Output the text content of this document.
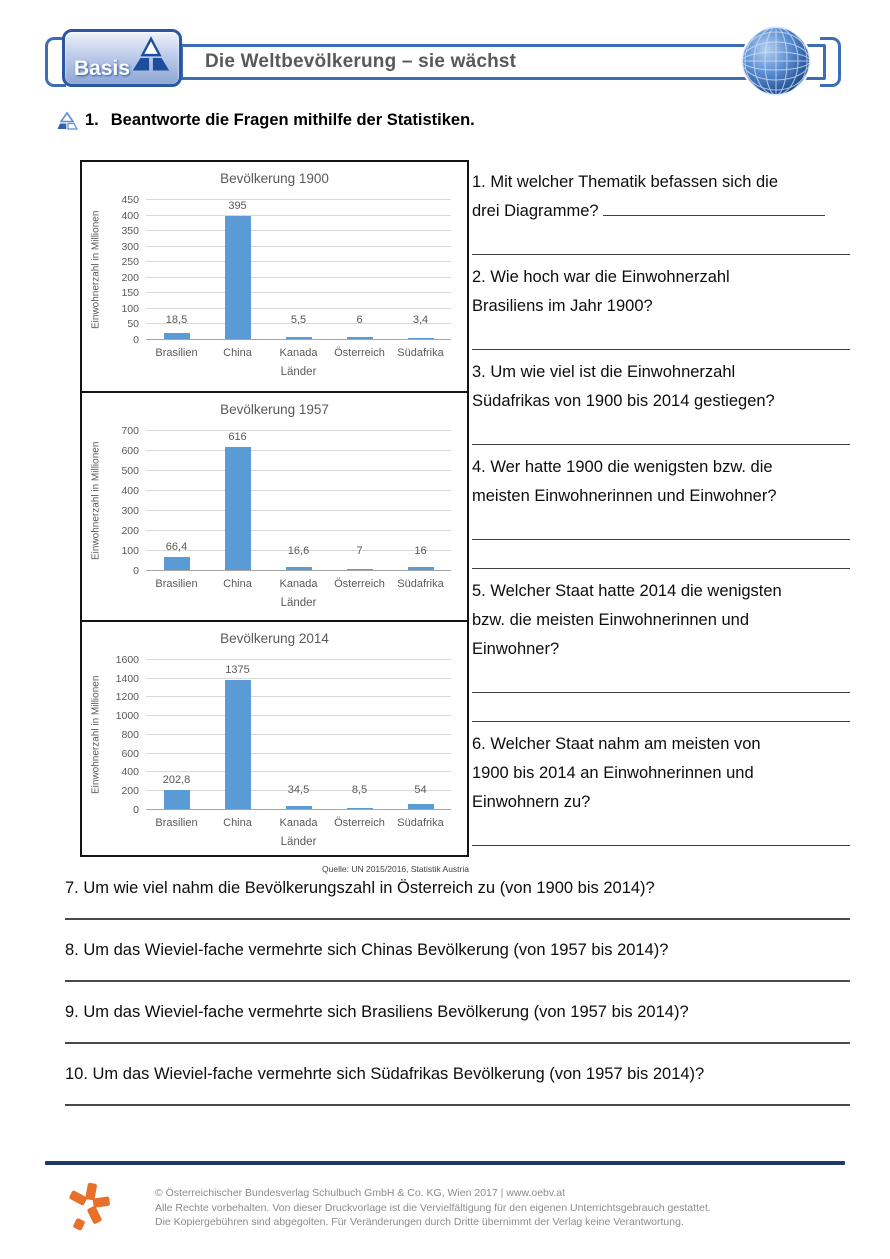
Die Weltbevölkerung – sie wächst
Basis
1. Beantworte die Fragen mithilfe der Statistiken.
Bevölkerung 1900
Einwohnerzahl in Millionen
0
50
100
150
200
250
300
350
400
450
18,5
395
5,5	6	3,4
Brasilien	China	Kanada	Österreich	Südafrika
Länder
Bevölkerung 1957
Einwohnerzahl in Millionen
0
100
200
300
400
500
600
700
66,4
616
16,6	7	16
Brasilien	China	Kanada	Österreich	Südafrika
Länder
Bevölkerung 2014
Einwohnerzahl in Millionen
0
200
400
600
800
1000
1200
1400
1600
202,8
1375
34,5	8,5	54
Brasilien	China	Kanada	Österreich	Südafrika
Länder
Quelle: UN 2015/2016, Statistik Austria
1. Mit welcher Thematik befassen sich die
drei Diagramme?
2. Wie hoch war die Einwohnerzahl
Brasiliens im Jahr 1900?
3. Um wie viel ist die Einwohnerzahl
Südafrikas von 1900 bis 2014 gestiegen?
4. Wer hatte 1900 die wenigsten bzw. die
meisten Einwohnerinnen und Einwohner?
5. Welcher Staat hatte 2014 die wenigsten
bzw. die meisten Einwohnerinnen und
Einwohner?
6. Welcher Staat nahm am meisten von
1900 bis 2014 an Einwohnerinnen und
Einwohnern zu?
7. Um wie viel nahm die Bevölkerungszahl in Österreich zu (von 1900 bis 2014)?
8. Um das Wieviel-fache vermehrte sich Chinas Bevölkerung (von 1957 bis 2014)?
9. Um das Wieviel-fache vermehrte sich Brasiliens Bevölkerung (von 1957 bis 2014)?
10. Um das Wieviel-fache vermehrte sich Südafrikas Bevölkerung (von 1957 bis 2014)?
© Österreichischer Bundesverlag Schulbuch GmbH & Co. KG, Wien 2017 | www.oebv.at
Alle Rechte vorbehalten. Von dieser Druckvorlage ist die Vervielfältigung für den eigenen Unterrichtsgebrauch gestattet.
Die Kopiergebühren sind abgegolten. Für Veränderungen durch Dritte übernimmt der Verlag keine Verantwortung.
